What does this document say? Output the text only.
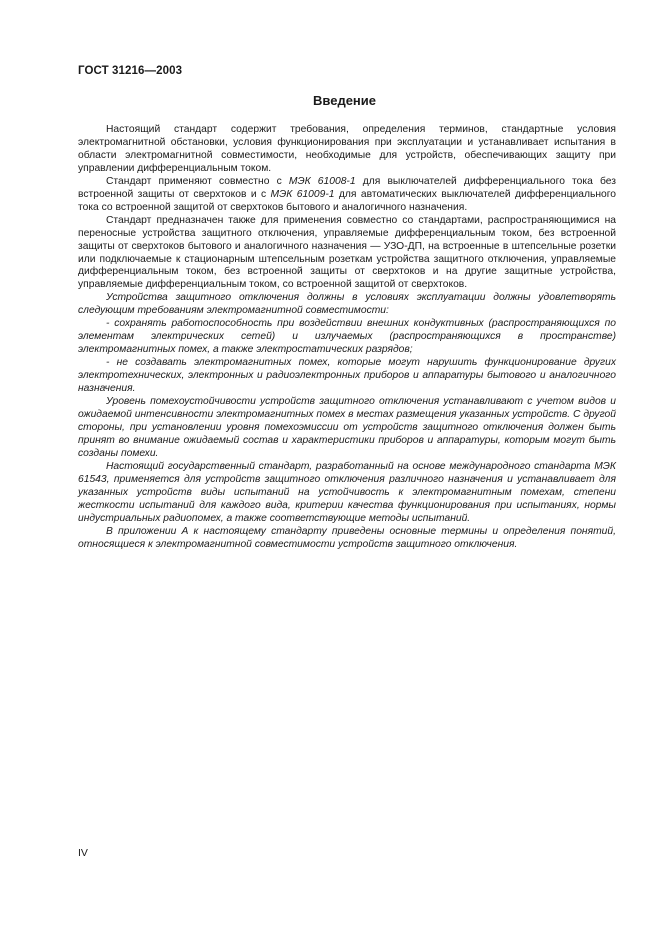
ГОСТ 31216—2003
Введение

Настоящий стандарт содержит требования, определения терминов, стандартные условия электромагнитной обстановки, условия функционирования при эксплуатации и устанавливает испытания в области электромагнитной совместимости, необходимые для устройств, обеспечивающих защиту при управлении дифференциальным током.

Стандарт применяют совместно с МЭК 61008-1 для выключателей дифференциального тока без встроенной защиты от сверхтоков и с МЭК 61009-1 для автоматических выключателей дифференциального тока со встроенной защитой от сверхтоков бытового и аналогичного назначения.

Стандарт предназначен также для применения совместно со стандартами, распространяющимися на переносные устройства защитного отключения, управляемые дифференциальным током, без встроенной защиты от сверхтоков бытового и аналогичного назначения — УЗО-ДП, на встроенные в штепсельные розетки или подключаемые к стационарным штепсельным розеткам устройства защитного отключения, управляемые дифференциальным током, без встроенной защиты от сверхтоков и на другие защитные устройства, управляемые дифференциальным током, со встроенной защитой от сверхтоков.

Устройства защитного отключения должны в условиях эксплуатации должны удовлетворять следующим требованиям электромагнитной совместимости:

- сохранять работоспособность при воздействии внешних кондуктивных (распространяющихся по элементам электрических сетей) и излучаемых (распространяющихся в пространстве) электромагнитных помех, а также электростатических разрядов;

- не создавать электромагнитных помех, которые могут нарушить функционирование других электротехнических, электронных и радиоэлектронных приборов и аппаратуры бытового и аналогичного назначения.

Уровень помехоустойчивости устройств защитного отключения устанавливают с учетом видов и ожидаемой интенсивности электромагнитных помех в местах размещения указанных устройств. С другой стороны, при установлении уровня помехоэмиссии от устройств защитного отключения должен быть принят во внимание ожидаемый состав и характеристики приборов и аппаратуры, которым могут быть созданы помехи.

Настоящий государственный стандарт, разработанный на основе международного стандарта МЭК 61543, применяется для устройств защитного отключения различного назначения и устанавливает для указанных устройств виды испытаний на устойчивость к электромагнитным помехам, степени жесткости испытаний для каждого вида, критерии качества функционирования при испытаниях, нормы индустриальных радиопомех, а также соответствующие методы испытаний.

В приложении А к настоящему стандарту приведены основные термины и определения понятий, относящиеся к электромагнитной совместимости устройств защитного отключения.

IV
